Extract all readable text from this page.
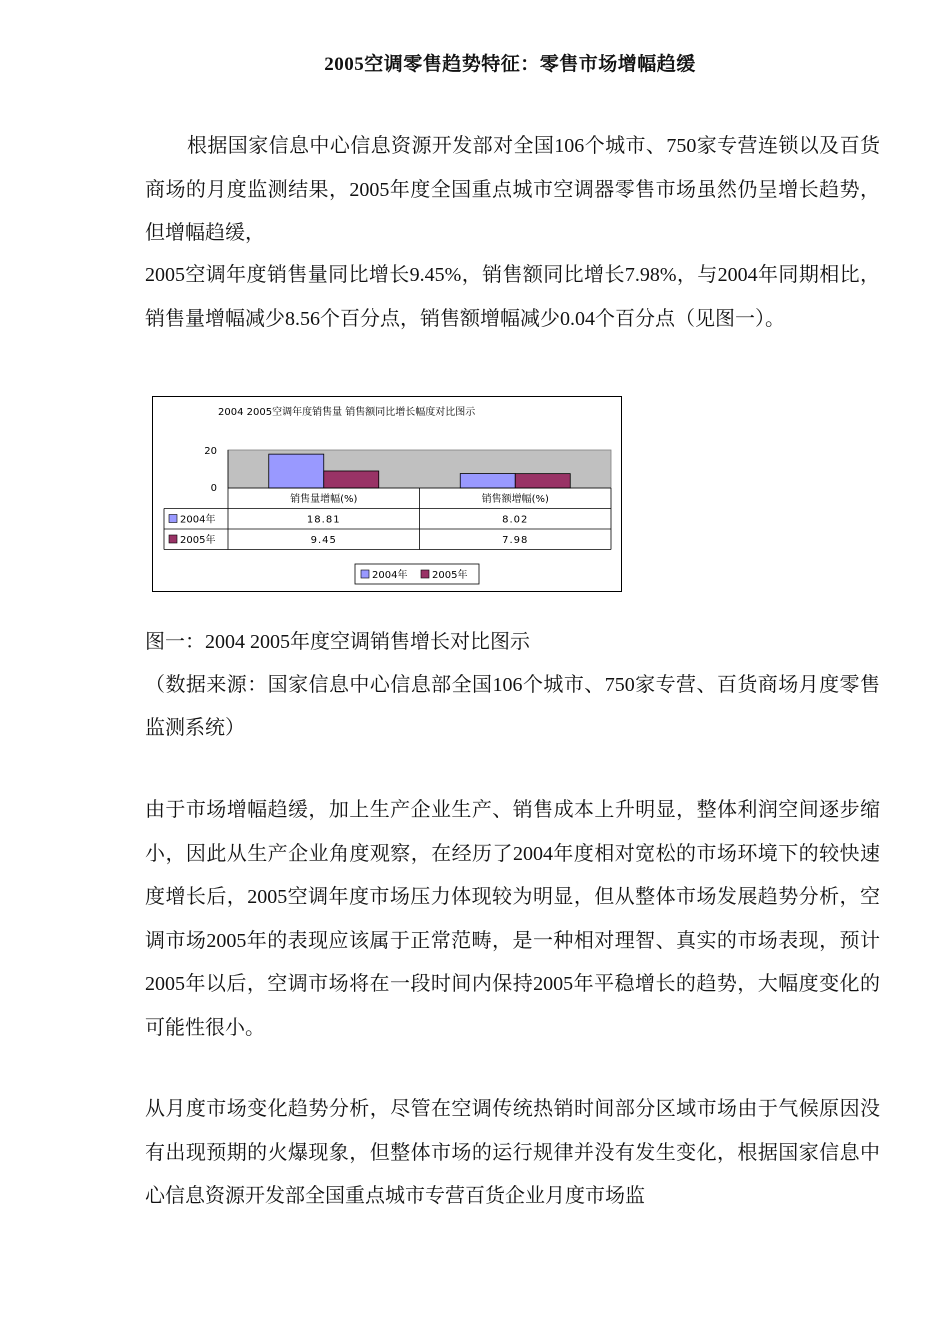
2005空调零售趋势特征：零售市场增幅趋缓

根据国家信息中心信息资源开发部对全国106个城市、750家专营连锁以及百货商场的月度监测结果，2005年度全国重点城市空调器零售市场虽然仍呈增长趋势，但增幅趋缓，

2005空调年度销售量同比增长9.45%，销售额同比增长7.98%，与2004年同期相比，销售量增幅减少8.56个百分点，销售额增幅减少0.04个百分点（见图一）。

2004 2005空调年度销售量 销售额同比增长幅度对比图示
20
0
销售量增幅(%)
18.81
9.45
销售额增幅(%)
8.02
7.98
2004年
2005年
2004年 2005年

图一：2004 2005年度空调销售增长对比图示

（数据来源：国家信息中心信息部全国106个城市、750家专营、百货商场月度零售监测系统）

由于市场增幅趋缓，加上生产企业生产、销售成本上升明显，整体利润空间逐步缩小，因此从生产企业角度观察，在经历了2004年度相对宽松的市场环境下的较快速度增长后，2005空调年度市场压力体现较为明显，但从整体市场发展趋势分析，空调市场2005年的表现应该属于正常范畴，是一种相对理智、真实的市场表现，预计2005年以后，空调市场将在一段时间内保持2005年平稳增长的趋势，大幅度变化的可能性很小。

从月度市场变化趋势分析，尽管在空调传统热销时间部分区域市场由于气候原因没有出现预期的火爆现象，但整体市场的运行规律并没有发生变化，根据国家信息中心信息资源开发部全国重点城市专营百货企业月度市场监
